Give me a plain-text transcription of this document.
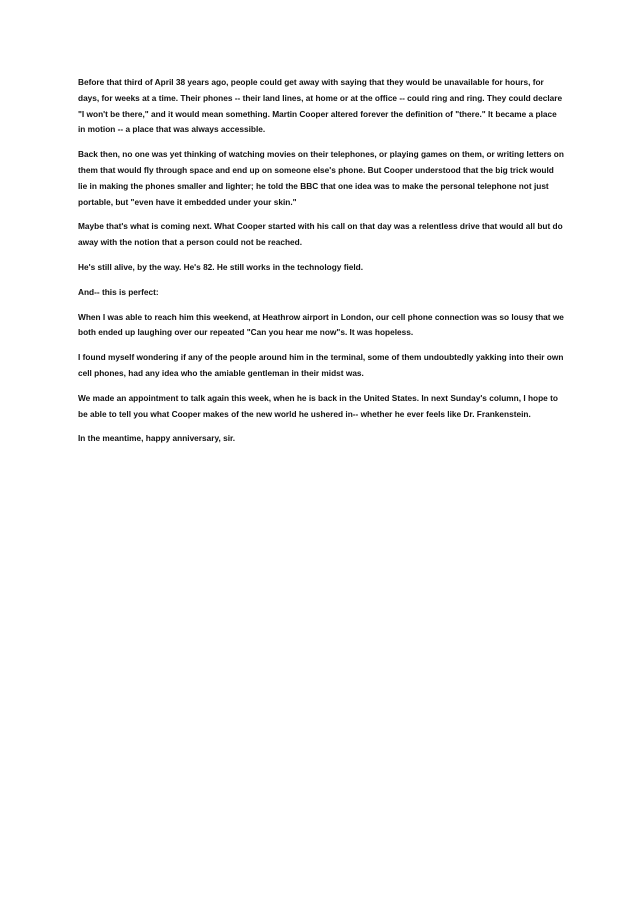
Before that third of April 38 years ago, people could get away with saying that they would be unavailable for hours, for days, for weeks at a time. Their phones -- their land lines, at home or at the office -- could ring and ring. They could declare "I won't be there," and it would mean something. Martin Cooper altered forever the definition of "there." It became a place in motion -- a place that was always accessible.

Back then, no one was yet thinking of watching movies on their telephones, or playing games on them, or writing letters on them that would fly through space and end up on someone else's phone. But Cooper understood that the big trick would lie in making the phones smaller and lighter; he told the BBC that one idea was to make the personal telephone not just portable, but "even have it embedded under your skin."

Maybe that's what is coming next. What Cooper started with his call on that day was a relentless drive that would all but do away with the notion that a person could not be reached.

He's still alive, by the way. He's 82. He still works in the technology field.

And-- this is perfect:

When I was able to reach him this weekend, at Heathrow airport in London, our cell phone connection was so lousy that we both ended up laughing over our repeated "Can you hear me now"s. It was hopeless.

I found myself wondering if any of the people around him in the terminal, some of them undoubtedly yakking into their own cell phones, had any idea who the amiable gentleman in their midst was.

We made an appointment to talk again this week, when he is back in the United States. In next Sunday's column, I hope to be able to tell you what Cooper makes of the new world he ushered in-- whether he ever feels like Dr. Frankenstein.

In the meantime, happy anniversary, sir.
